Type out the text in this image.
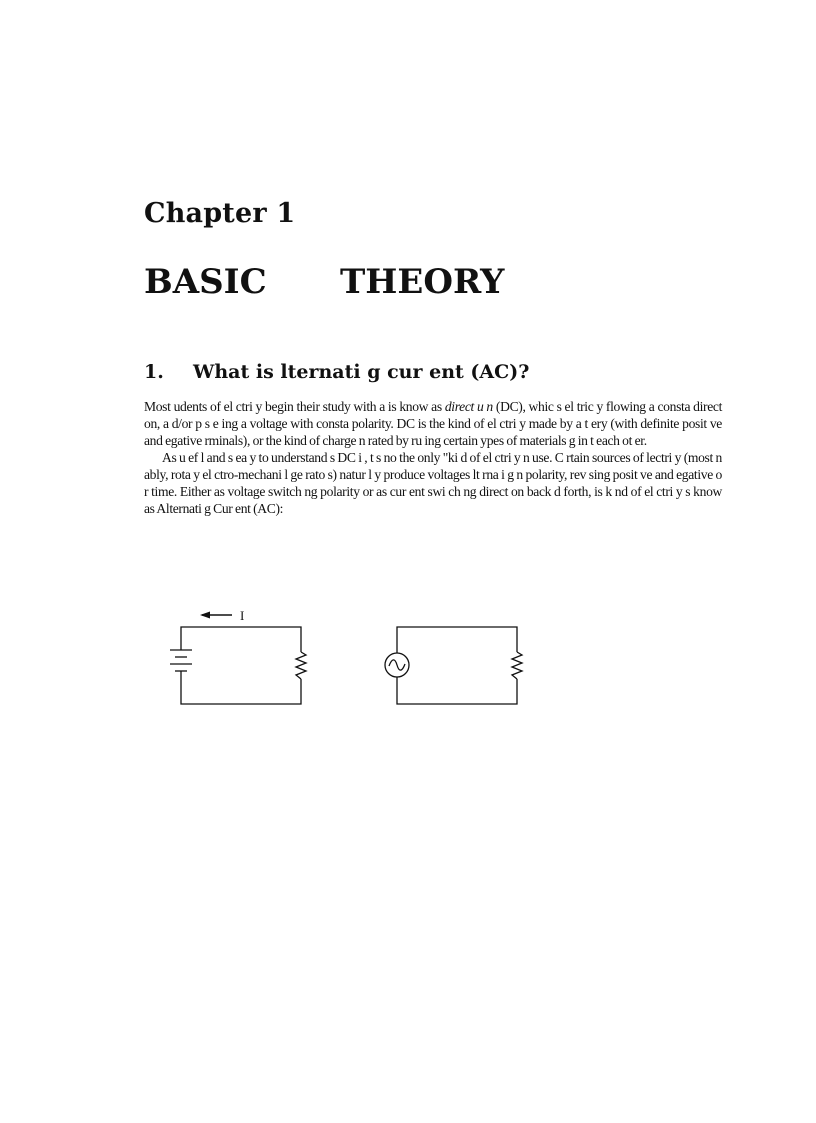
Chapter 1
BASIC	THEORY
1. What is lternati g cur ent (AC)?

Most udents of el ctri y begin their study with a is know as direct u n (DC), whic s el tric y flowing a consta direct on, a d/or p s e ing a voltage with consta polarity. DC is the kind of el ctri y made by a t ery (with definite posit ve and egative rminals), or the kind of charge n rated by ru ing certain ypes of materials g in t each ot er.

As u ef l and s ea y to understand s DC i , t s no the only "ki d of el ctri y n use. C rtain sources of lectri y (most n ably, rota y el ctro-mechani l ge rato s) natur l y produce voltages lt rna i g n polarity, rev sing posit ve and egative o r time. Either as voltage switch ng polarity or as cur ent swi ch ng direct on back d forth, is k nd of el ctri y s know as Alternati g Cur ent (AC):

I
